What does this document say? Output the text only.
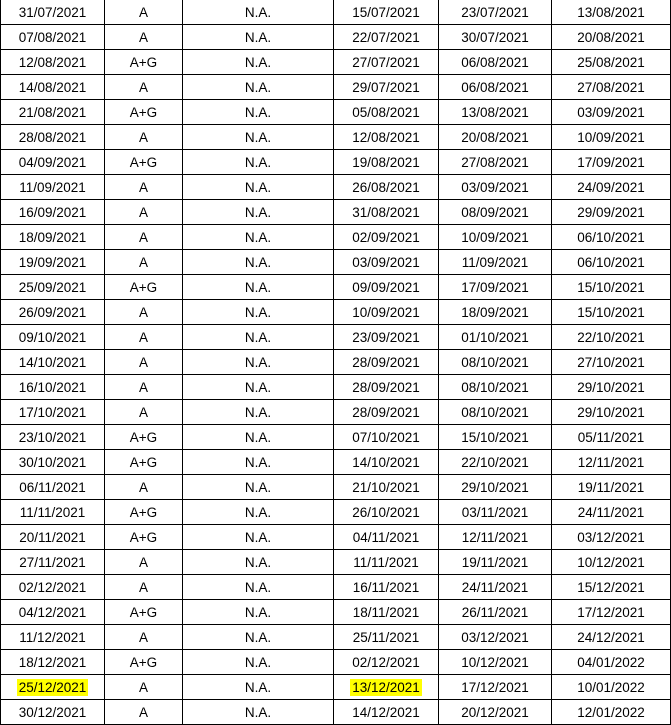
31/07/2021	A	N.A.	15/07/2021	23/07/2021	13/08/2021
07/08/2021	A	N.A.	22/07/2021	30/07/2021	20/08/2021
12/08/2021	A+G	N.A.	27/07/2021	06/08/2021	25/08/2021
14/08/2021	A	N.A.	29/07/2021	06/08/2021	27/08/2021
21/08/2021	A+G	N.A.	05/08/2021	13/08/2021	03/09/2021
28/08/2021	A	N.A.	12/08/2021	20/08/2021	10/09/2021
04/09/2021	A+G	N.A.	19/08/2021	27/08/2021	17/09/2021
11/09/2021	A	N.A.	26/08/2021	03/09/2021	24/09/2021
16/09/2021	A	N.A.	31/08/2021	08/09/2021	29/09/2021
18/09/2021	A	N.A.	02/09/2021	10/09/2021	06/10/2021
19/09/2021	A	N.A.	03/09/2021	11/09/2021	06/10/2021
25/09/2021	A+G	N.A.	09/09/2021	17/09/2021	15/10/2021
26/09/2021	A	N.A.	10/09/2021	18/09/2021	15/10/2021
09/10/2021	A	N.A.	23/09/2021	01/10/2021	22/10/2021
14/10/2021	A	N.A.	28/09/2021	08/10/2021	27/10/2021
16/10/2021	A	N.A.	28/09/2021	08/10/2021	29/10/2021
17/10/2021	A	N.A.	28/09/2021	08/10/2021	29/10/2021
23/10/2021	A+G	N.A.	07/10/2021	15/10/2021	05/11/2021
30/10/2021	A+G	N.A.	14/10/2021	22/10/2021	12/11/2021
06/11/2021	A	N.A.	21/10/2021	29/10/2021	19/11/2021
11/11/2021	A+G	N.A.	26/10/2021	03/11/2021	24/11/2021
20/11/2021	A+G	N.A.	04/11/2021	12/11/2021	03/12/2021
27/11/2021	A	N.A.	11/11/2021	19/11/2021	10/12/2021
02/12/2021	A	N.A.	16/11/2021	24/11/2021	15/12/2021
04/12/2021	A+G	N.A.	18/11/2021	26/11/2021	17/12/2021
11/12/2021	A	N.A.	25/11/2021	03/12/2021	24/12/2021
18/12/2021	A+G	N.A.	02/12/2021	10/12/2021	04/01/2022
25/12/2021	A	N.A.	13/12/2021	17/12/2021	10/01/2022
30/12/2021	A	N.A.	14/12/2021	20/12/2021	12/01/2022
